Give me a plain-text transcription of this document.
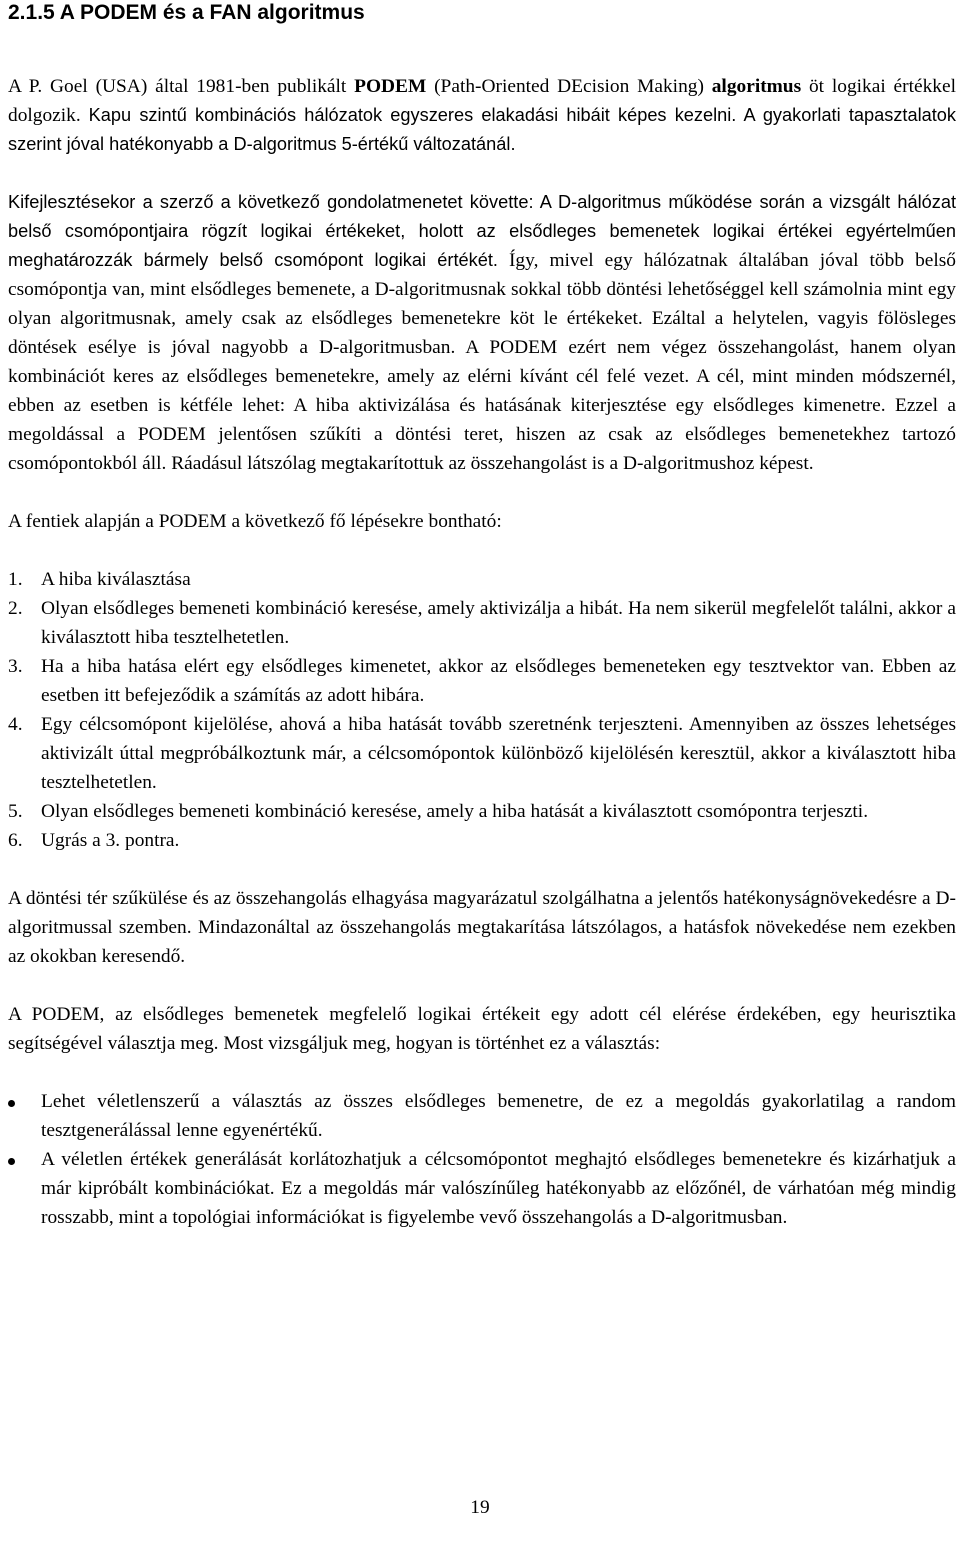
2.1.5 A PODEM és a FAN algoritmus

A P. Goel (USA) által 1981-ben publikált PODEM (Path-Oriented DEcision Making) algoritmus öt logikai értékkel dolgozik. Kapu szintű kombinációs hálózatok egyszeres elakadási hibáit képes kezelni. A gyakorlati tapasztalatok szerint jóval hatékonyabb a D-algoritmus 5-értékű változatánál.

Kifejlesztésekor a szerző a következő gondolatmenetet követte: A D-algoritmus működése során a vizsgált hálózat belső csomópontjaira rögzít logikai értékeket, holott az elsődleges bemenetek logikai értékei egyértelműen meghatározzák bármely belső csomópont logikai értékét. Így, mivel egy hálózatnak általában jóval több belső csomópontja van, mint elsődleges bemenete, a D-algoritmusnak sokkal több döntési lehetőséggel kell számolnia mint egy olyan algoritmusnak, amely csak az elsődleges bemenetekre köt le értékeket. Ezáltal a helytelen, vagyis fölösleges döntések esélye is jóval nagyobb a D-algoritmusban. A PODEM ezért nem végez összehangolást, hanem olyan kombinációt keres az elsődleges bemenetekre, amely az elérni kívánt cél felé vezet. A cél, mint minden módszernél, ebben az esetben is kétféle lehet: A hiba aktivizálása és hatásának kiterjesztése egy elsődleges kimenetre. Ezzel a megoldással a PODEM jelentősen szűkíti a döntési teret, hiszen az csak az elsődleges bemenetekhez tartozó csomópontokból áll. Ráadásul látszólag megtakarítottuk az összehangolást is a D-algoritmushoz képest.

A fentiek alapján a PODEM a következő fő lépésekre bontható:

1. A hiba kiválasztása
2. Olyan elsődleges bemeneti kombináció keresése, amely aktivizálja a hibát. Ha nem sikerül megfelelőt találni, akkor a kiválasztott hiba tesztelhetetlen.
3. Ha a hiba hatása elért egy elsődleges kimenetet, akkor az elsődleges bemeneteken egy tesztvektor van. Ebben az esetben itt befejeződik a számítás az adott hibára.
4. Egy célcsomópont kijelölése, ahová a hiba hatását tovább szeretnénk terjeszteni. Amennyiben az összes lehetséges aktivizált úttal megpróbálkoztunk már, a célcsomópontok különböző kijelölésén keresztül, akkor a kiválasztott hiba tesztelhetetlen.
5. Olyan elsődleges bemeneti kombináció keresése, amely a hiba hatását a kiválasztott csomópontra terjeszti.
6. Ugrás a 3. pontra.

A döntési tér szűkülése és az összehangolás elhagyása magyarázatul szolgálhatna a jelentős hatékonyságnövekedésre a D-algoritmussal szemben. Mindazonáltal az összehangolás megtakarítása látszólagos, a hatásfok növekedése nem ezekben az okokban keresendő.

A PODEM, az elsődleges bemenetek megfelelő logikai értékeit egy adott cél elérése érdekében, egy heurisztika segítségével választja meg. Most vizsgáljuk meg, hogyan is történhet ez a választás:

Lehet véletlenszerű a választás az összes elsődleges bemenetre, de ez a megoldás gyakorlatilag a random tesztgenerálással lenne egyenértékű.
A véletlen értékek generálását korlátozhatjuk a célcsomópontot meghajtó elsődleges bemenetekre és kizárhatjuk a már kipróbált kombinációkat. Ez a megoldás már valószínűleg hatékonyabb az előzőnél, de várhatóan még mindig rosszabb, mint a topológiai információkat is figyelembe vevő összehangolás a D-algoritmusban.
19
